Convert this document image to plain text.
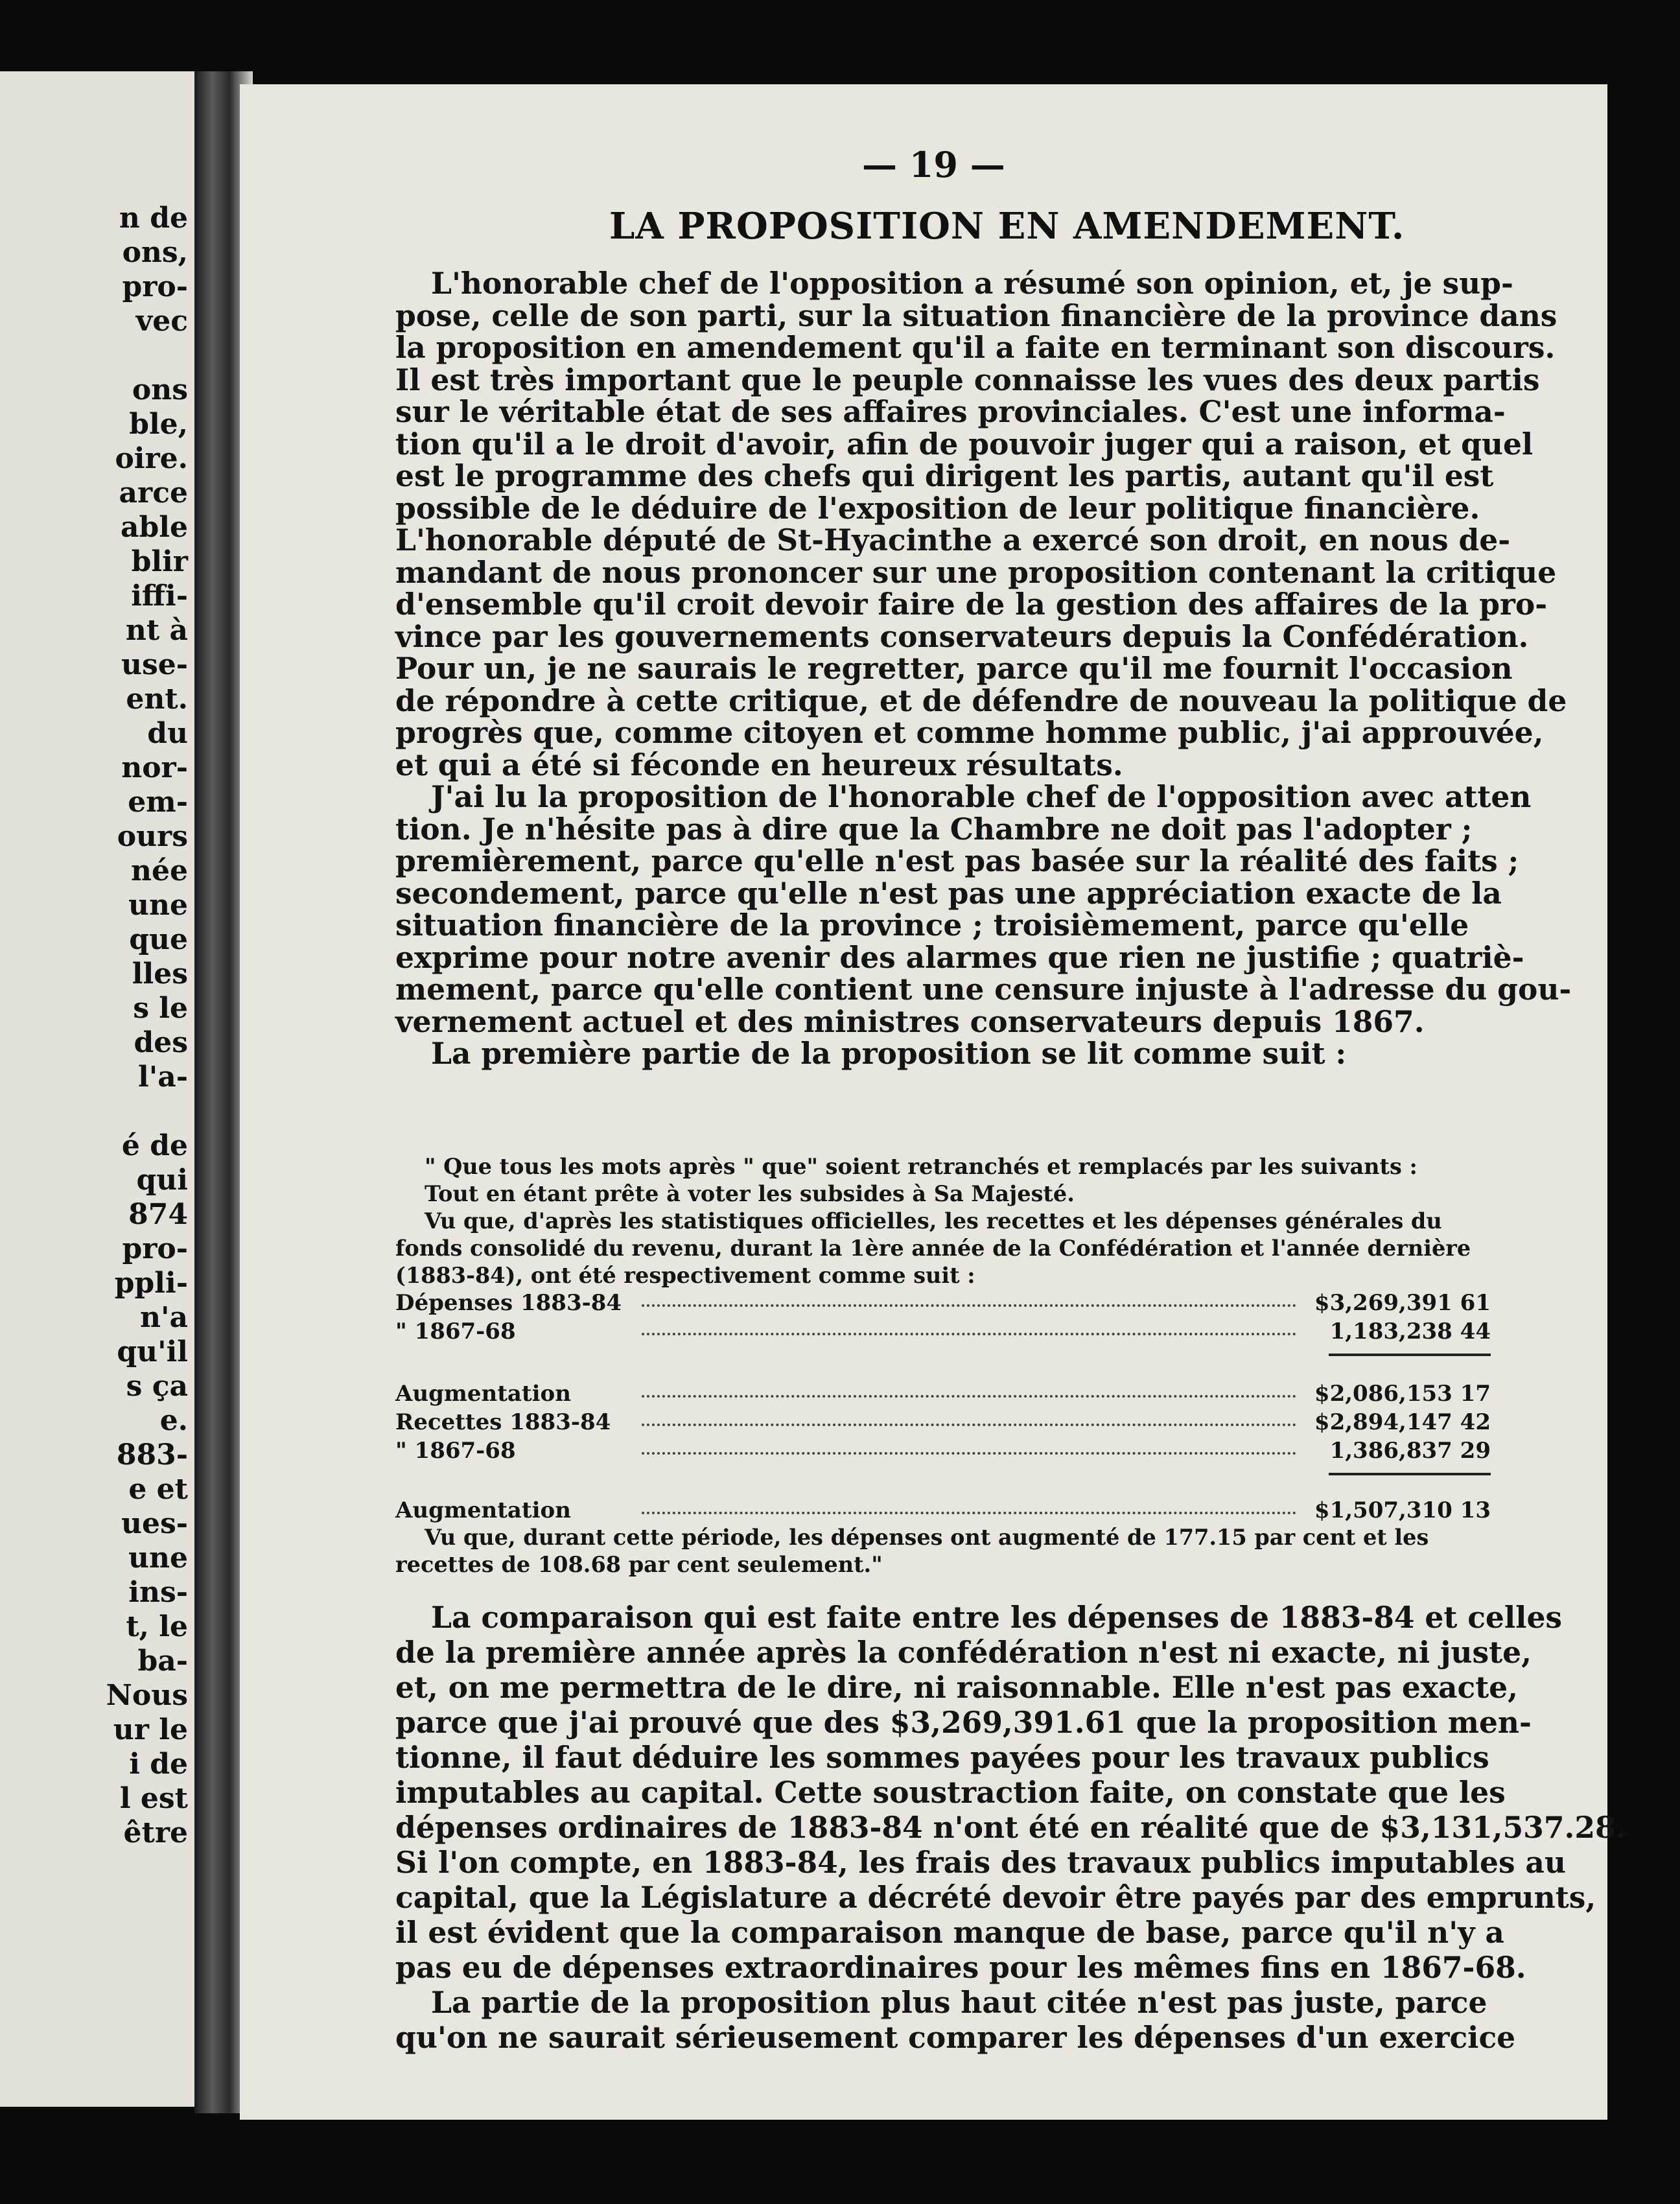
n de
ons,
pro-
vec
ons
ble,
oire.
arce
able
blir
iffi-
nt à
use-
ent.
du
nor-
em-
ours
née
une
que
lles
s le
des
l'a-
é de
qui
874
pro-
ppli-
n'a
qu'il
s ça
e.
883-
e et
ues-
une
ins-
t, le
ba-
Nous
ur le
i de
l est
être
— 19 —
LA PROPOSITION EN AMENDEMENT.
L'honorable chef de l'opposition a résumé son opinion, et, je sup-
pose, celle de son parti, sur la situation financière de la province dans
la proposition en amendement qu'il a faite en terminant son discours.
Il est très important que le peuple connaisse les vues des deux partis
sur le véritable état de ses affaires provinciales. C'est une informa-
tion qu'il a le droit d'avoir, afin de pouvoir juger qui a raison, et quel
est le programme des chefs qui dirigent les partis, autant qu'il est
possible de le déduire de l'exposition de leur politique financière.
L'honorable député de St-Hyacinthe a exercé son droit, en nous de-
mandant de nous prononcer sur une proposition contenant la critique
d'ensemble qu'il croit devoir faire de la gestion des affaires de la pro-
vince par les gouvernements conservateurs depuis la Confédération.
Pour un, je ne saurais le regretter, parce qu'il me fournit l'occasion
de répondre à cette critique, et de défendre de nouveau la politique de
progrès que, comme citoyen et comme homme public, j'ai approuvée,
et qui a été si féconde en heureux résultats.
J'ai lu la proposition de l'honorable chef de l'opposition avec atten
tion. Je n'hésite pas à dire que la Chambre ne doit pas l'adopter ;
premièrement, parce qu'elle n'est pas basée sur la réalité des faits ;
secondement, parce qu'elle n'est pas une appréciation exacte de la
situation financière de la province ; troisièmement, parce qu'elle
exprime pour notre avenir des alarmes que rien ne justifie ; quatriè-
mement, parce qu'elle contient une censure injuste à l'adresse du gou-
vernement actuel et des ministres conservateurs depuis 1867.
La première partie de la proposition se lit comme suit :
" Que tous les mots après " que" soient retranchés et remplacés par les suivants :
Tout en étant prête à voter les subsides à Sa Majesté.
Vu que, d'après les statistiques officielles, les recettes et les dépenses générales du
fonds consolidé du revenu, durant la 1ère année de la Confédération et l'année dernière
(1883-84), ont été respectivement comme suit :
Dépenses 1883-84	$3,269,391 61
" 1867-68	1,183,238 44
Augmentation	$2,086,153 17
Recettes 1883-84	$2,894,147 42
" 1867-68	1,386,837 29
Augmentation	$1,507,310 13
Vu que, durant cette période, les dépenses ont augmenté de 177.15 par cent et les
recettes de 108.68 par cent seulement."
La comparaison qui est faite entre les dépenses de 1883-84 et celles
de la première année après la confédération n'est ni exacte, ni juste,
et, on me permettra de le dire, ni raisonnable. Elle n'est pas exacte,
parce que j'ai prouvé que des $3,269,391.61 que la proposition men-
tionne, il faut déduire les sommes payées pour les travaux publics
imputables au capital. Cette soustraction faite, on constate que les
dépenses ordinaires de 1883-84 n'ont été en réalité que de $3,131,537.28.
Si l'on compte, en 1883-84, les frais des travaux publics imputables au
capital, que la Législature a décrété devoir être payés par des emprunts,
il est évident que la comparaison manque de base, parce qu'il n'y a
pas eu de dépenses extraordinaires pour les mêmes fins en 1867-68.
La partie de la proposition plus haut citée n'est pas juste, parce
qu'on ne saurait sérieusement comparer les dépenses d'un exercice
